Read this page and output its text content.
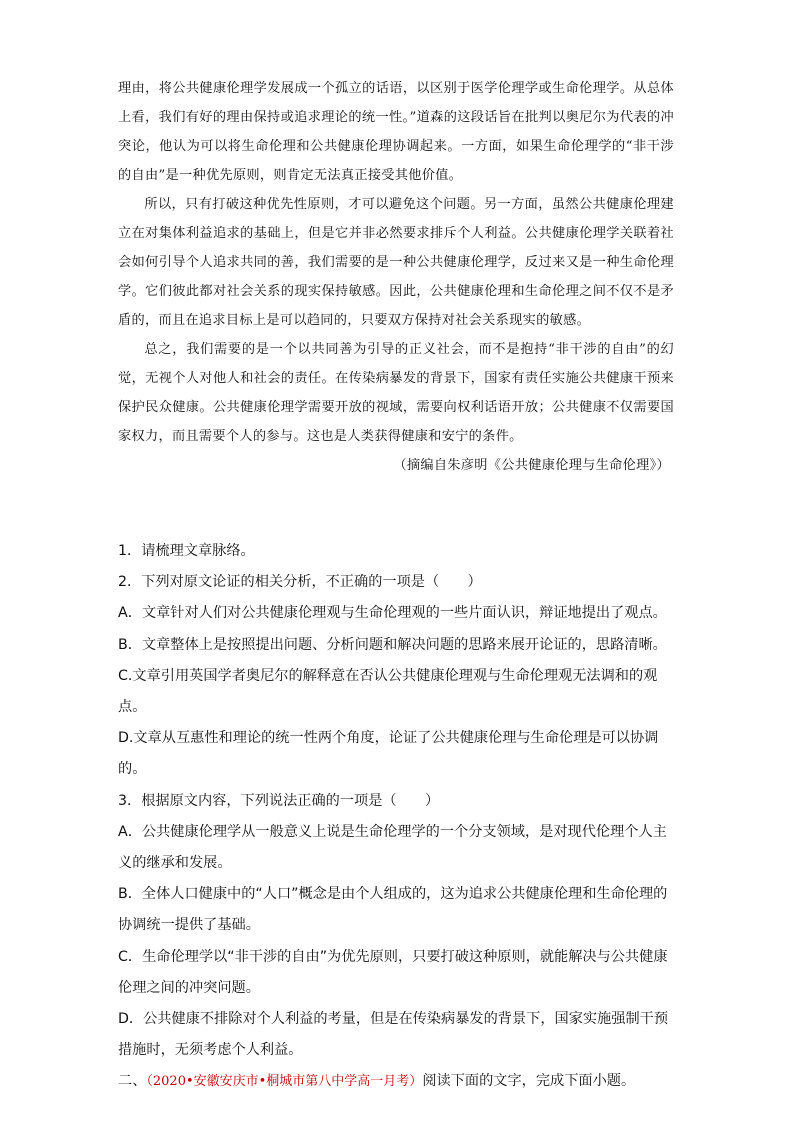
理由，将公共健康伦理学发展成一个孤立的话语，以区别于医学伦理学或生命伦理学。从总体上看，我们有好的理由保持或追求理论的统一性。”道森的这段话旨在批判以奥尼尔为代表的冲突论，他认为可以将生命伦理和公共健康伦理协调起来。一方面，如果生命伦理学的“非干涉的自由”是一种优先原则，则肯定无法真正接受其他价值。

所以，只有打破这种优先性原则，才可以避免这个问题。另一方面，虽然公共健康伦理建立在对集体利益追求的基础上，但是它并非必然要求排斥个人利益。公共健康伦理学关联着社会如何引导个人追求共同的善，我们需要的是一种公共健康伦理学，反过来又是一种生命伦理学。它们彼此都对社会关系的现实保持敏感。因此，公共健康伦理和生命伦理之间不仅不是矛盾的，而且在追求目标上是可以趋同的，只要双方保持对社会关系现实的敏感。

总之，我们需要的是一个以共同善为引导的正义社会，而不是抱持“非干涉的自由”的幻觉，无视个人对他人和社会的责任。在传染病暴发的背景下，国家有责任实施公共健康干预来保护民众健康。公共健康伦理学需要开放的视域，需要向权利话语开放；公共健康不仅需要国家权力，而且需要个人的参与。这也是人类获得健康和安宁的条件。

（摘编自朱彦明《公共健康伦理与生命伦理》）

1．请梳理文章脉络。

2．下列对原文论证的相关分析，不正确的一项是（　　）

A．文章针对人们对公共健康伦理观与生命伦理观的一些片面认识，辩证地提出了观点。

B．文章整体上是按照提出问题、分析问题和解决问题的思路来展开论证的，思路清晰。

C.文章引用英国学者奥尼尔的解释意在否认公共健康伦理观与生命伦理观无法调和的观点。

D.文章从互惠性和理论的统一性两个角度，论证了公共健康伦理与生命伦理是可以协调的。

3．根据原文内容，下列说法正确的一项是（　　）

A．公共健康伦理学从一般意义上说是生命伦理学的一个分支领域，是对现代伦理个人主义的继承和发展。

B．全体人口健康中的“人口”概念是由个人组成的，这为追求公共健康伦理和生命伦理的协调统一提供了基础。

C．生命伦理学以“非干涉的自由”为优先原则，只要打破这种原则，就能解决与公共健康伦理之间的冲突问题。

D．公共健康不排除对个人利益的考量，但是在传染病暴发的背景下，国家实施强制干预措施时，无须考虑个人利益。

二、（2020•安徽安庆市•桐城市第八中学高一月考）阅读下面的文字，完成下面小题。
